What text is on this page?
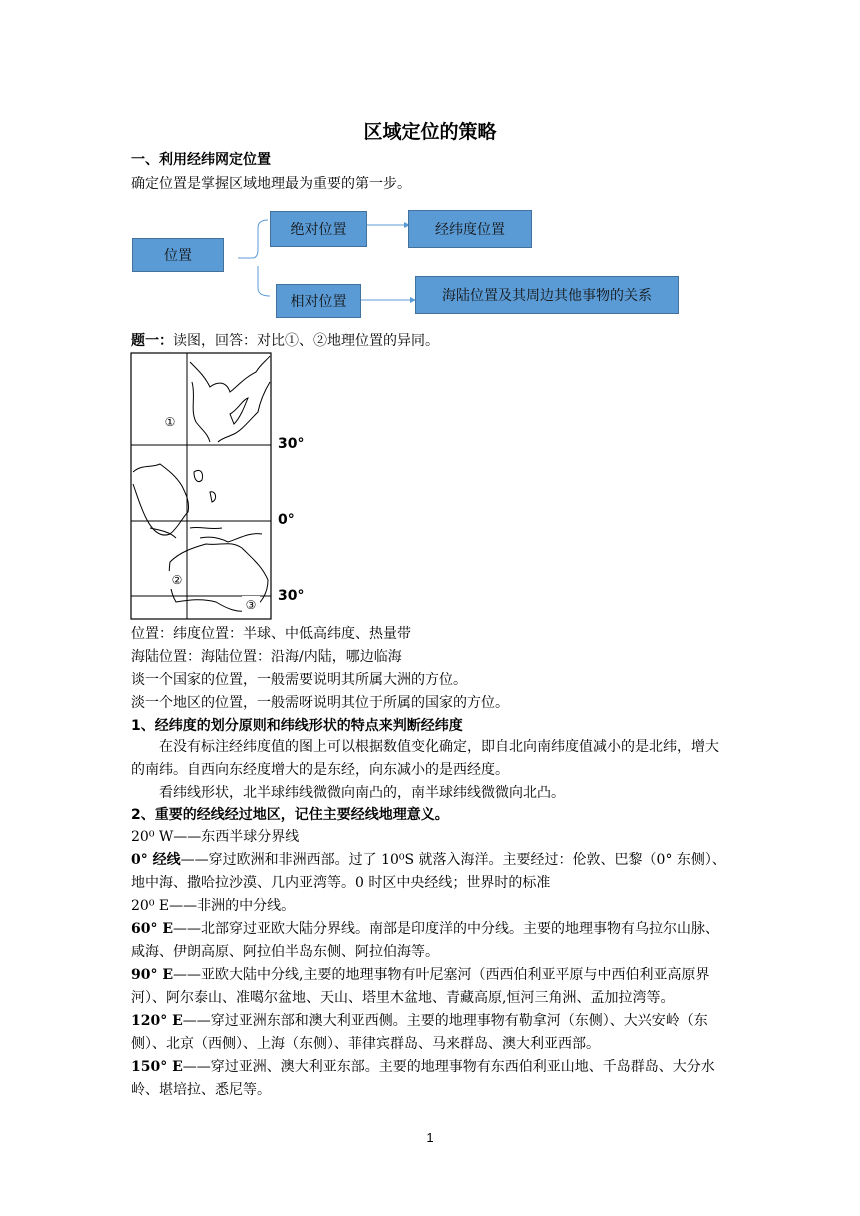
区域定位的策略
一、利用经纬网定位置
确定位置是掌握区域地理最为重要的第一步。
位置
绝对位置	经纬度位置
相对位置	海陆位置及其周边其他事物的关系
题一：读图，回答：对比①、②地理位置的异同。
①
②
③
30°
0°
30°
位置：纬度位置：半球、中低高纬度、热量带
海陆位置：海陆位置：沿海/内陆，哪边临海
谈一个国家的位置，一般需要说明其所属大洲的方位。
淡一个地区的位置，一般需呀说明其位于所属的国家的方位。
1、经纬度的划分原则和纬线形状的特点来判断经纬度
在没有标注经纬度值的图上可以根据数值变化确定，即自北向南纬度值减小的是北纬，增大的南纬。自西向东经度增大的是东经，向东减小的是西经度。
看纬线形状，北半球纬线微微向南凸的，南半球纬线微微向北凸。
2、重要的经线经过地区，记住主要经线地理意义。
20⁰ W——东西半球分界线
0° 经线——穿过欧洲和非洲西部。过了 10⁰S 就落入海洋。主要经过：伦敦、巴黎（0° 东侧）、地中海、撒哈拉沙漠、几内亚湾等。0 时区中央经线；世界时的标准
20⁰ E——非洲的中分线。
60° E——北部穿过亚欧大陆分界线。南部是印度洋的中分线。主要的地理事物有乌拉尔山脉、咸海、伊朗高原、阿拉伯半岛东侧、阿拉伯海等。
90° E——亚欧大陆中分线,主要的地理事物有叶尼塞河（西西伯利亚平原与中西伯利亚高原界河）、阿尔泰山、准噶尔盆地、天山、塔里木盆地、青藏高原,恒河三角洲、孟加拉湾等。
120° E——穿过亚洲东部和澳大利亚西侧。主要的地理事物有勒拿河（东侧）、大兴安岭（东侧）、北京（西侧）、上海（东侧）、菲律宾群岛、马来群岛、澳大利亚西部。
150° E——穿过亚洲、澳大利亚东部。主要的地理事物有东西伯利亚山地、千岛群岛、大分水岭、堪培拉、悉尼等。
1
